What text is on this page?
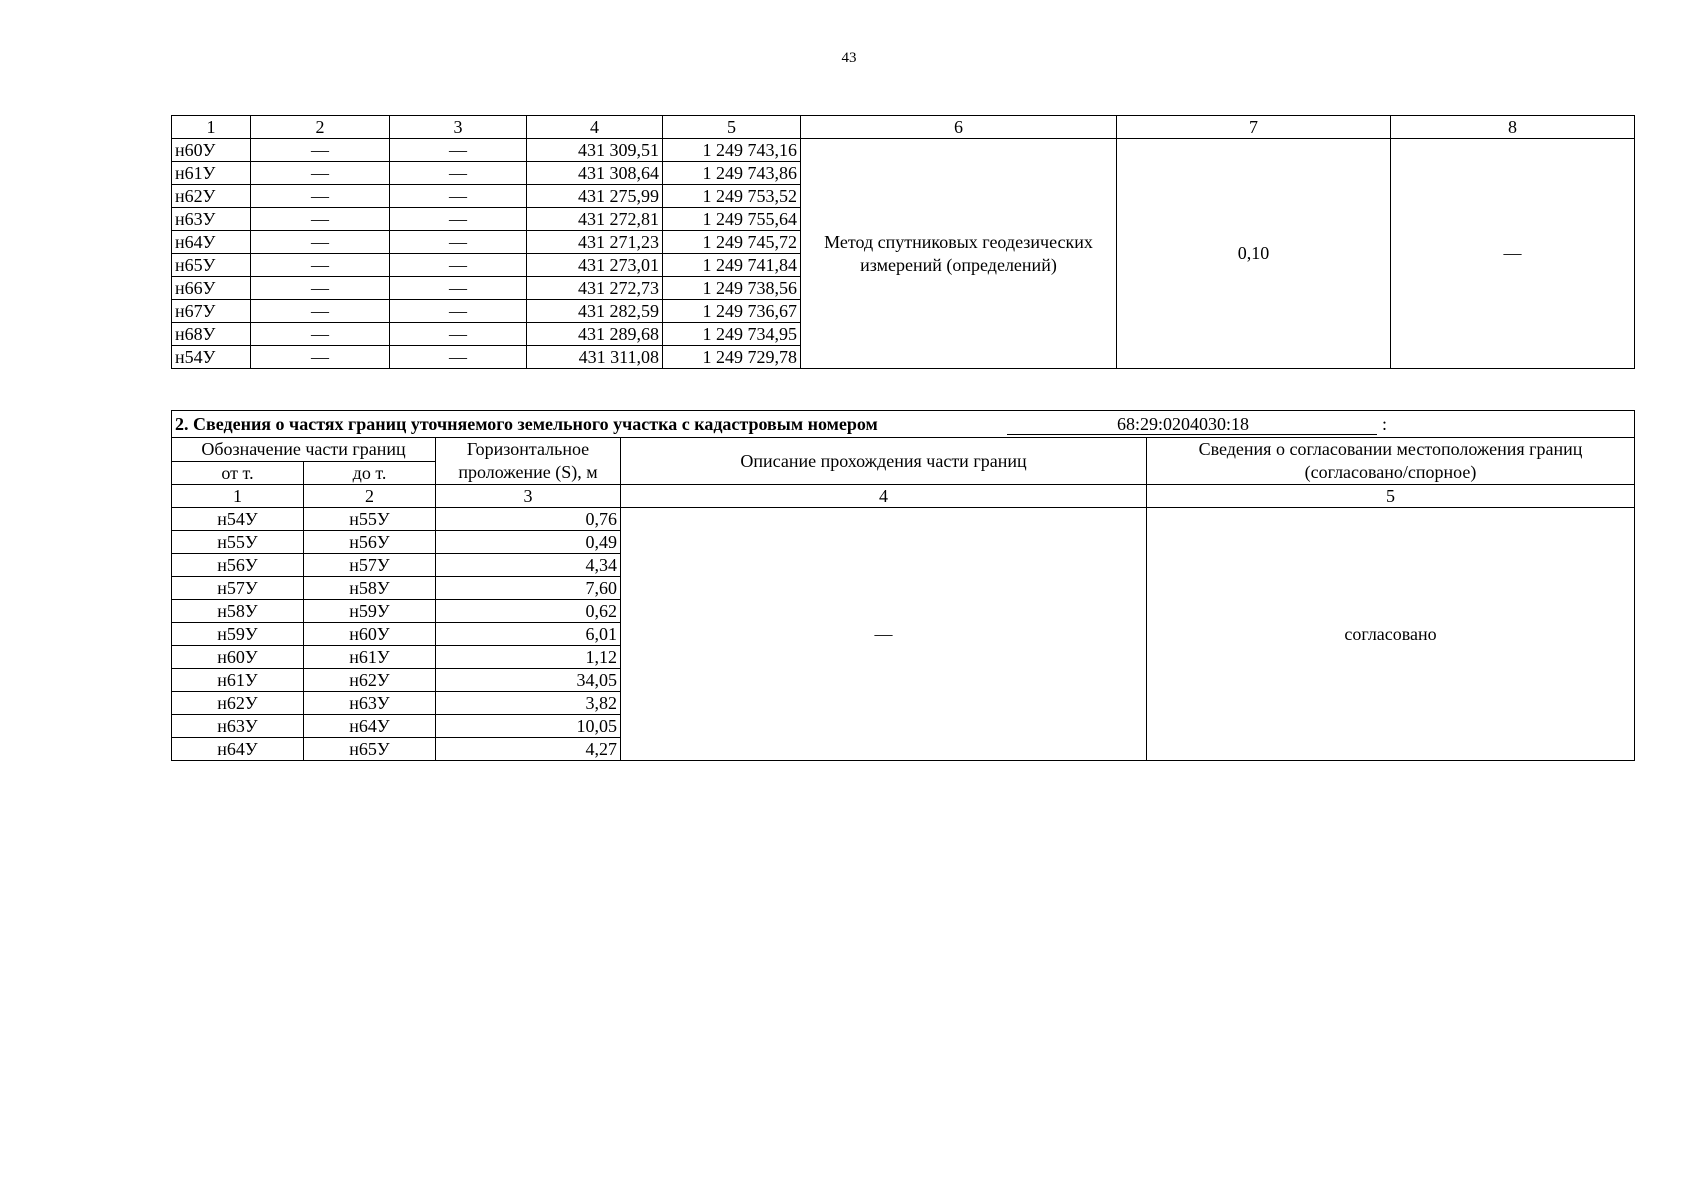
43
1	2	3	4	5	6	7	8
н60У	—	—	431 309,51	1 249 743,16	Метод спутниковых геодезических измерений (определений)	0,10	—
н61У	—	—	431 308,64	1 249 743,86			
н62У	—	—	431 275,99	1 249 753,52			
н63У	—	—	431 272,81	1 249 755,64			
н64У	—	—	431 271,23	1 249 745,72			
н65У	—	—	431 273,01	1 249 741,84			
н66У	—	—	431 272,73	1 249 738,56			
н67У	—	—	431 282,59	1 249 736,67			
н68У	—	—	431 289,68	1 249 734,95			
н54У	—	—	431 311,08	1 249 729,78			
2. Сведения о частях границ уточняемого земельного участка с кадастровым номером 68:29:0204030:18 :				

Обозначение части границ		Горизонтальное проложение (S), м	Описание прохождения части границ	Сведения о согласовании местоположения границ (согласовано/спорное)
от т.	до т.			
1	2	3	4	5
н54У	н55У	0,76	—	согласовано
н55У	н56У	0,49		
н56У	н57У	4,34		
н57У	н58У	7,60		
н58У	н59У	0,62		
н59У	н60У	6,01		
н60У	н61У	1,12		
н61У	н62У	34,05		
н62У	н63У	3,82		
н63У	н64У	10,05		
н64У	н65У	4,27		
